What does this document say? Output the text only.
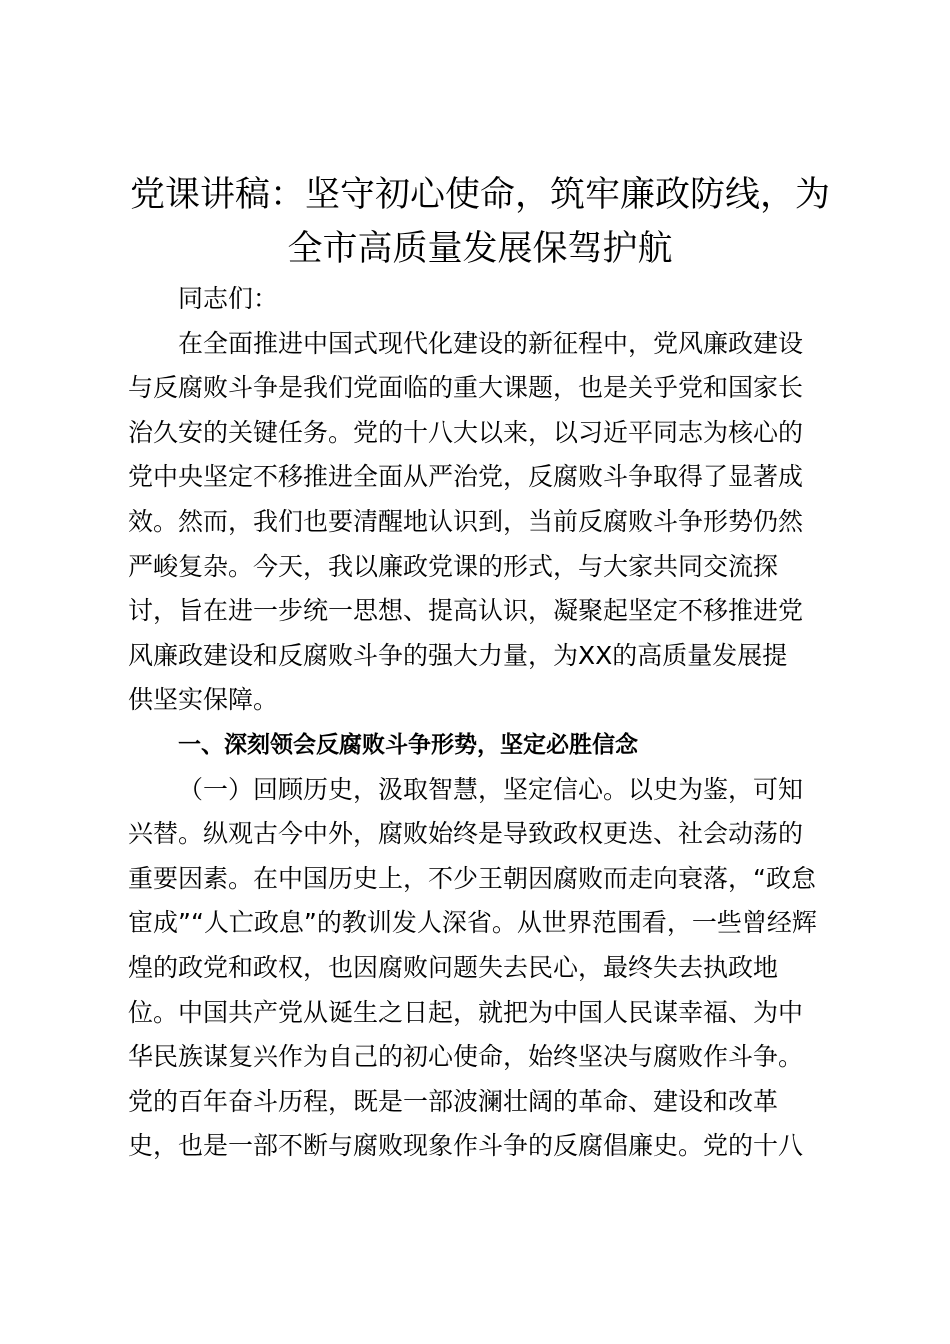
党课讲稿：坚守初心使命，筑牢廉政防线，为
全市高质量发展保驾护航
同志们：
在全面推进中国式现代化建设的新征程中，党风廉政建设
与反腐败斗争是我们党面临的重大课题，也是关乎党和国家长
治久安的关键任务。党的十八大以来，以习近平同志为核心的
党中央坚定不移推进全面从严治党，反腐败斗争取得了显著成
效。然而，我们也要清醒地认识到，当前反腐败斗争形势仍然
严峻复杂。今天，我以廉政党课的形式，与大家共同交流探
讨，旨在进一步统一思想、提高认识，凝聚起坚定不移推进党
风廉政建设和反腐败斗争的强大力量，为XX的高质量发展提
供坚实保障。
一、深刻领会反腐败斗争形势，坚定必胜信念
（一）回顾历史，汲取智慧，坚定信心。以史为鉴，可知
兴替。纵观古今中外，腐败始终是导致政权更迭、社会动荡的
重要因素。在中国历史上，不少王朝因腐败而走向衰落，“政怠
宦成”“人亡政息”的教训发人深省。从世界范围看，一些曾经辉
煌的政党和政权，也因腐败问题失去民心，最终失去执政地
位。中国共产党从诞生之日起，就把为中国人民谋幸福、为中
华民族谋复兴作为自己的初心使命，始终坚决与腐败作斗争。
党的百年奋斗历程，既是一部波澜壮阔的革命、建设和改革
史，也是一部不断与腐败现象作斗争的反腐倡廉史。党的十八
